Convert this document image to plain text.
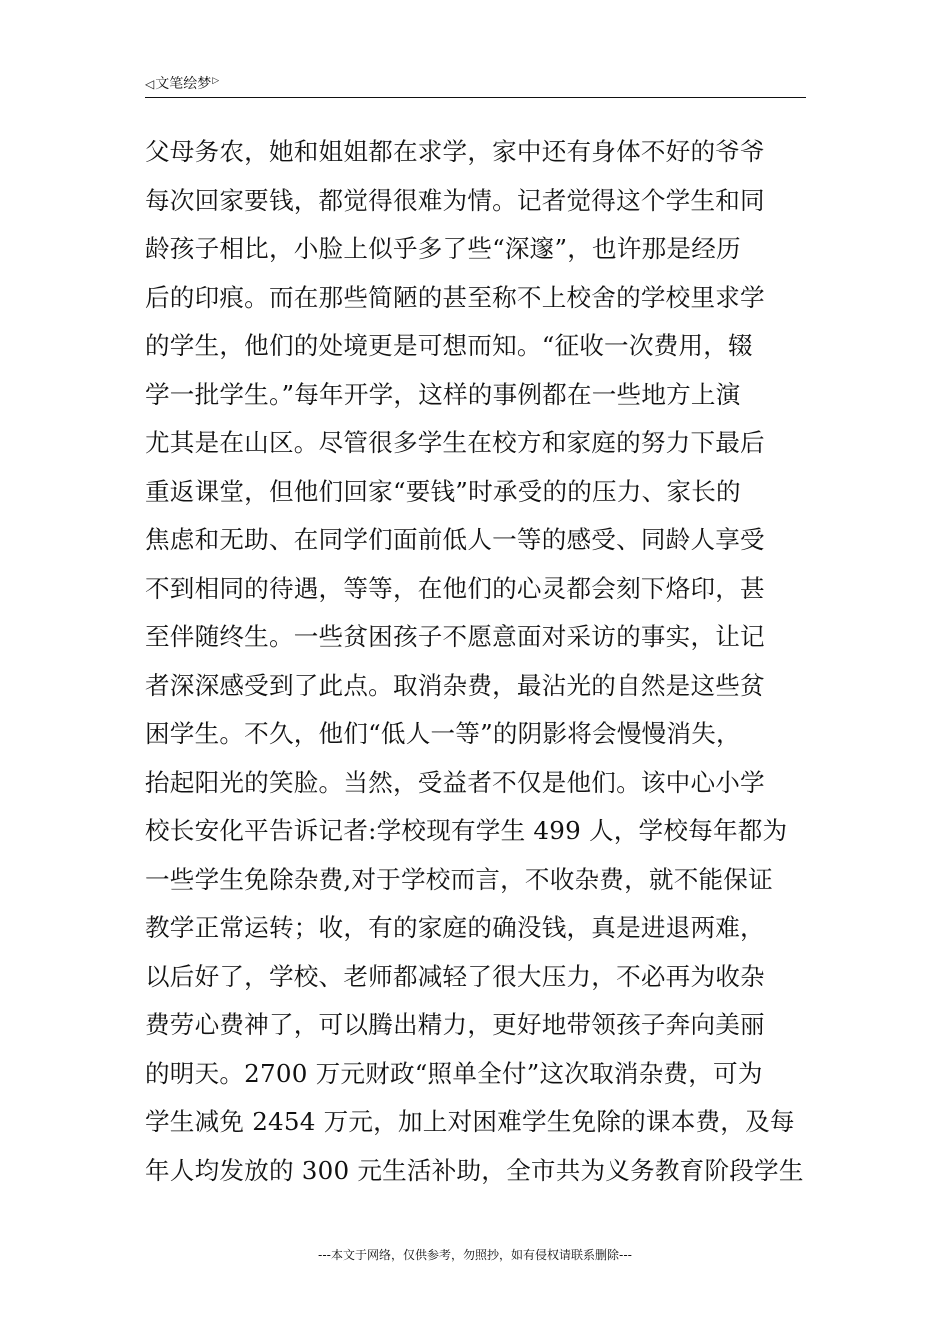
◁ 文笔绘梦 ▷
父母务农，她和姐姐都在求学，家中还有身体不好的爷爷
每次回家要钱，都觉得很难为情。记者觉得这个学生和同
龄孩子相比，小脸上似乎多了些“深邃”，也许那是经历
后的印痕。而在那些简陋的甚至称不上校舍的学校里求学
的学生，他们的处境更是可想而知。“征收一次费用，辍
学一批学生。”每年开学，这样的事例都在一些地方上演
尤其是在山区。尽管很多学生在校方和家庭的努力下最后
重返课堂，但他们回家“要钱”时承受的的压力、家长的
焦虑和无助、在同学们面前低人一等的感受、同龄人享受
不到相同的待遇，等等，在他们的心灵都会刻下烙印，甚
至伴随终生。一些贫困孩子不愿意面对采访的事实，让记
者深深感受到了此点。取消杂费，最沾光的自然是这些贫
困学生。不久，他们“低人一等”的阴影将会慢慢消失，
抬起阳光的笑脸。当然，受益者不仅是他们。该中心小学
校长安化平告诉记者:学校现有学生 499 人，学校每年都为
一些学生免除杂费,对于学校而言，不收杂费，就不能保证
教学正常运转；收，有的家庭的确没钱，真是进退两难，
以后好了，学校、老师都减轻了很大压力，不必再为收杂
费劳心费神了，可以腾出精力，更好地带领孩子奔向美丽
的明天。2700 万元财政“照单全付”这次取消杂费，可为
学生减免 2454 万元，加上对困难学生免除的课本费，及每
年人均发放的 300 元生活补助，全市共为义务教育阶段学生
---本文于网络，仅供参考，勿照抄，如有侵权请联系删除---
